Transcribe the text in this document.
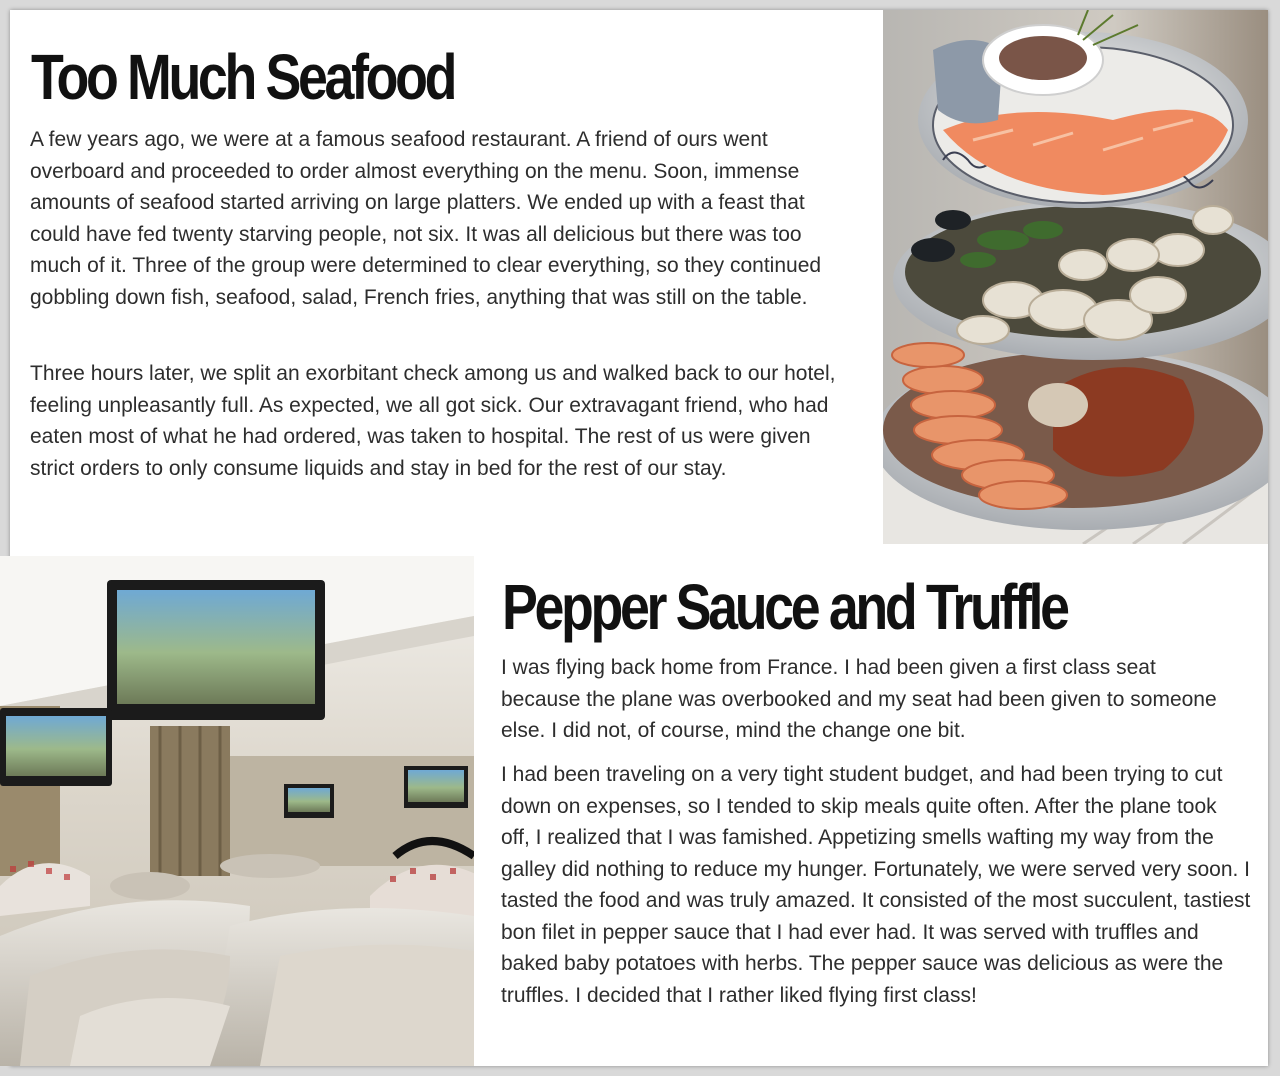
Too Much Seafood

A few years ago, we were at a famous seafood restaurant. A friend of ours went overboard and proceeded to order almost everything on the menu. Soon, immense amounts of seafood started arriving on large platters. We ended up with a feast that could have fed twenty starving people, not six. It was all delicious but there was too much of it. Three of the group were determined to clear everything, so they continued gobbling down fish, seafood, salad, French fries, anything that was still on the table.

Three hours later, we split an exorbitant check among us and walked back to our hotel, feeling unpleasantly full. As expected, we all got sick. Our extravagant friend, who had eaten most of what he had ordered, was taken to hospital. The rest of us were given strict orders to only consume liquids and stay in bed for the rest of our stay.

Pepper Sauce and Truffle

I was flying back home from France. I had been given a first class seat because the plane was overbooked and my seat had been given to someone else. I did not, of course, mind the change one bit.

I had been traveling on a very tight student budget, and had been trying to cut down on expenses, so I tended to skip meals quite often. After the plane took off, I realized that I was famished. Appetizing smells wafting my way from the galley did nothing to reduce my hunger. Fortunately, we were served very soon. I tasted the food and was truly amazed. It consisted of the most succulent, tastiest bon filet in pepper sauce that I had ever had. It was served with truffles and baked baby potatoes with herbs. The pepper sauce was delicious as were the truffles. I decided that I rather liked flying first class!
